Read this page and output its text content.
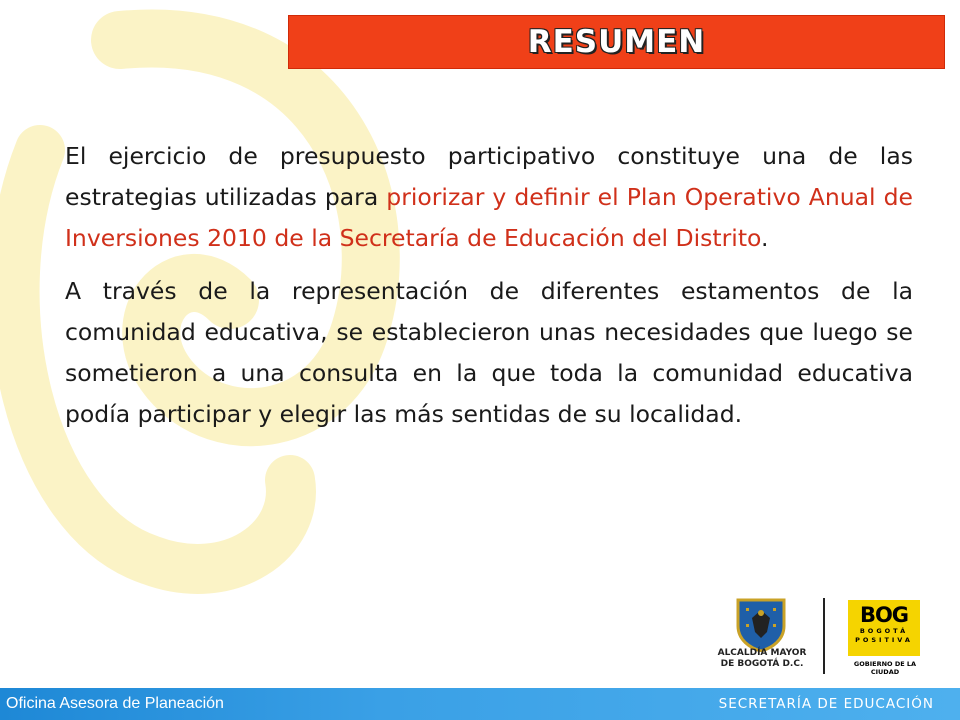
RESUMEN

El ejercicio de presupuesto participativo constituye una de las estrategias utilizadas para priorizar y definir el Plan Operativo Anual de Inversiones 2010 de la Secretaría de Educación del Distrito.

A través de la representación de diferentes estamentos de la comunidad educativa, se establecieron unas necesidades que luego se sometieron a una consulta en la que toda la comunidad educativa podía participar y elegir las más sentidas de su localidad.

ALCALDÍA MAYOR
DE BOGOTÁ D.C.
BOG
BOGOTÁ
POSITIVA
GOBIERNO DE LA CIUDAD
Oficina Asesora de Planeación	SECRETARÍA DE EDUCACIÓN
